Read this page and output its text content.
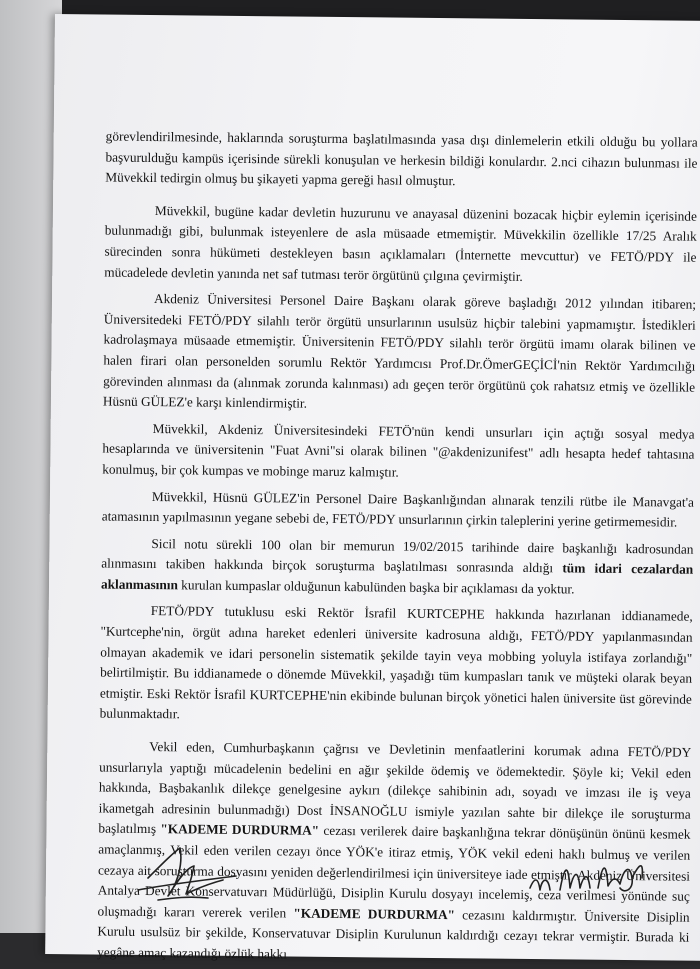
görevlendirilmesinde, haklarında soruşturma başlatılmasında yasa dışı dinlemelerin etkili olduğu bu yollara başvurulduğu kampüs içerisinde sürekli konuşulan ve herkesin bildiği konulardır. 2.nci cihazın bulunması ile Müvekkil tedirgin olmuş bu şikayeti yapma gereği hasıl olmuştur.

Müvekkil, bugüne kadar devletin huzurunu ve anayasal düzenini bozacak hiçbir eylemin içerisinde bulunmadığı gibi, bulunmak isteyenlere de asla müsaade etmemiştir. Müvekkilin özellikle 17/25 Aralık sürecinden sonra hükümeti destekleyen basın açıklamaları (İnternette mevcuttur) ve FETÖ/PDY ile mücadelede devletin yanında net saf tutması terör örgütünü çılgına çevirmiştir.

Akdeniz Üniversitesi Personel Daire Başkanı olarak göreve başladığı 2012 yılından itibaren; Üniversitedeki FETÖ/PDY silahlı terör örgütü unsurlarının usulsüz hiçbir talebini yapmamıştır. İstedikleri kadrolaşmaya müsaade etmemiştir. Üniversitenin FETÖ/PDY silahlı terör örgütü imamı olarak bilinen ve halen firari olan personelden sorumlu Rektör Yardımcısı Prof.Dr.ÖmerGEÇİCİ'nin Rektör Yardımcılığı görevinden alınması da (alınmak zorunda kalınması) adı geçen terör örgütünü çok rahatsız etmiş ve özellikle Hüsnü GÜLEZ'e karşı kinlendirmiştir.

Müvekkil, Akdeniz Üniversitesindeki FETÖ'nün kendi unsurları için açtığı sosyal medya hesaplarında ve üniversitenin "Fuat Avni"si olarak bilinen "@akdenizunifest" adlı hesapta hedef tahtasına konulmuş, bir çok kumpas ve mobinge maruz kalmıştır.

Müvekkil, Hüsnü GÜLEZ'in Personel Daire Başkanlığından alınarak tenzili rütbe ile Manavgat'a atamasının yapılmasının yegane sebebi de, FETÖ/PDY unsurlarının çirkin taleplerini yerine getirmemesidir.

Sicil notu sürekli 100 olan bir memurun 19/02/2015 tarihinde daire başkanlığı kadrosundan alınmasını takiben hakkında birçok soruşturma başlatılması sonrasında aldığı tüm idari cezalardan aklanmasının kurulan kumpaslar olduğunun kabulünden başka bir açıklaması da yoktur.

FETÖ/PDY tutuklusu eski Rektör İsrafil KURTCEPHE hakkında hazırlanan iddianamede, "Kurtcephe'nin, örgüt adına hareket edenleri üniversite kadrosuna aldığı, FETÖ/PDY yapılanmasından olmayan akademik ve idari personelin sistematik şekilde tayin veya mobbing yoluyla istifaya zorlandığı" belirtilmiştir. Bu iddianamede o dönemde Müvekkil, yaşadığı tüm kumpasları tanık ve müşteki olarak beyan etmiştir. Eski Rektör İsrafil KURTCEPHE'nin ekibinde bulunan birçok yönetici halen üniversite üst görevinde bulunmaktadır.

Vekil eden, Cumhurbaşkanın çağrısı ve Devletinin menfaatlerini korumak adına FETÖ/PDY unsurlarıyla yaptığı mücadelenin bedelini en ağır şekilde ödemiş ve ödemektedir. Şöyle ki; Vekil eden hakkında, Başbakanlık dilekçe genelgesine aykırı (dilekçe sahibinin adı, soyadı ve imzası ile iş veya ikametgah adresinin bulunmadığı) Dost İNSANOĞLU ismiyle yazılan sahte bir dilekçe ile soruşturma başlatılmış "KADEME DURDURMA" cezası verilerek daire başkanlığına tekrar dönüşünün önünü kesmek amaçlanmış, Vekil eden verilen cezayı önce YÖK'e itiraz etmiş, YÖK vekil edeni haklı bulmuş ve verilen cezaya ait soruşturma dosyasını yeniden değerlendirilmesi için üniversiteye iade etmiştir. Akdeniz Üniversitesi Antalya Devlet Konservatuvarı Müdürlüğü, Disiplin Kurulu dosyayı incelemiş, ceza verilmesi yönünde suç oluşmadığı kararı vererek verilen "KADEME DURDURMA" cezasını kaldırmıştır. Üniversite Disiplin Kurulu usulsüz bir şekilde, Konservatuvar Disiplin Kurulunun kaldırdığı cezayı tekrar vermiştir. Burada ki yegâne amaç kazandığı özlük hakkı
